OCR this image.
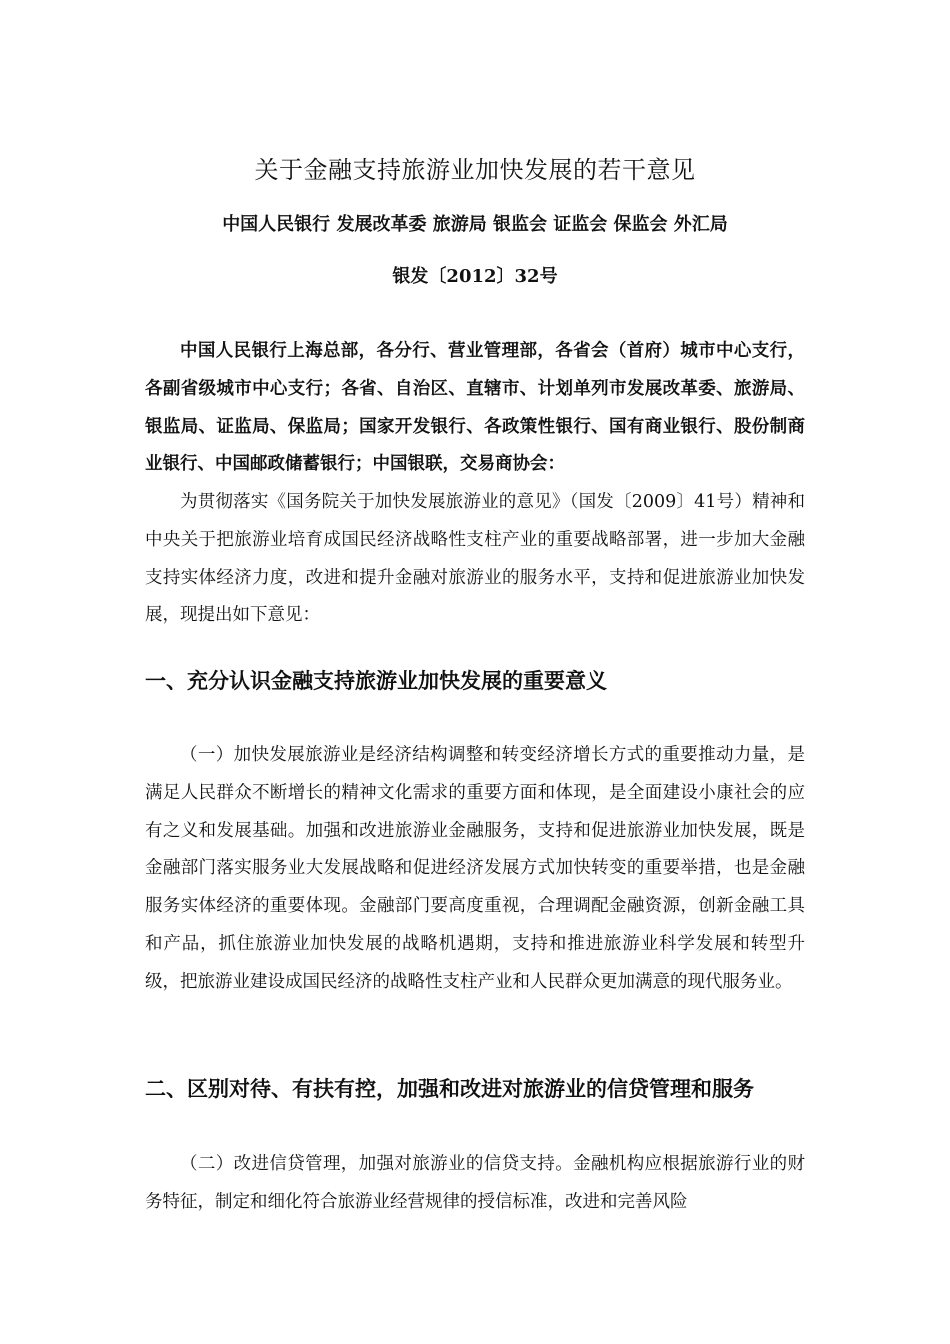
关于金融支持旅游业加快发展的若干意见
中国人民银行 发展改革委 旅游局 银监会 证监会 保监会 外汇局
银发〔2012〕32号
中国人民银行上海总部，各分行、营业管理部，各省会（首府）城市中心支行，各副省级城市中心支行；各省、自治区、直辖市、计划单列市发展改革委、旅游局、银监局、证监局、保监局；国家开发银行、各政策性银行、国有商业银行、股份制商业银行、中国邮政储蓄银行；中国银联，交易商协会：
为贯彻落实《国务院关于加快发展旅游业的意见》（国发〔2009〕41号）精神和中央关于把旅游业培育成国民经济战略性支柱产业的重要战略部署，进一步加大金融支持实体经济力度，改进和提升金融对旅游业的服务水平，支持和促进旅游业加快发展，现提出如下意见：
一、充分认识金融支持旅游业加快发展的重要意义
（一）加快发展旅游业是经济结构调整和转变经济增长方式的重要推动力量，是满足人民群众不断增长的精神文化需求的重要方面和体现，是全面建设小康社会的应有之义和发展基础。加强和改进旅游业金融服务，支持和促进旅游业加快发展，既是金融部门落实服务业大发展战略和促进经济发展方式加快转变的重要举措，也是金融服务实体经济的重要体现。金融部门要高度重视，合理调配金融资源，创新金融工具和产品，抓住旅游业加快发展的战略机遇期，支持和推进旅游业科学发展和转型升级，把旅游业建设成国民经济的战略性支柱产业和人民群众更加满意的现代服务业。
二、区别对待、有扶有控，加强和改进对旅游业的信贷管理和服务
（二）改进信贷管理，加强对旅游业的信贷支持。金融机构应根据旅游行业的财务特征，制定和细化符合旅游业经营规律的授信标准，改进和完善风险
